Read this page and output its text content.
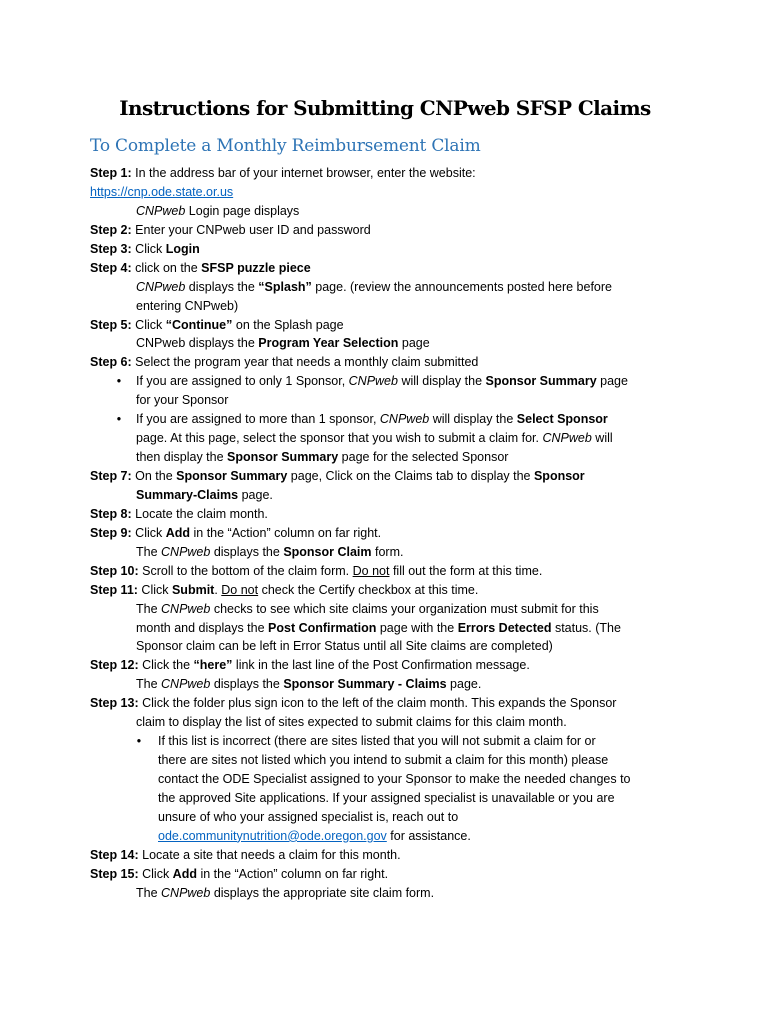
Instructions for Submitting CNPweb SFSP Claims
To Complete a Monthly Reimbursement Claim
Step 1: In the address bar of your internet browser, enter the website:
https://cnp.ode.state.or.us
CNPweb Login page displays
Step 2: Enter your CNPweb user ID and password
Step 3: Click Login
Step 4: click on the SFSP puzzle piece
CNPweb displays the “Splash” page. (review the announcements posted here before
entering CNPweb)
Step 5: Click “Continue” on the Splash page
CNPweb displays the Program Year Selection page
Step 6: Select the program year that needs a monthly claim submitted
•	If you are assigned to only 1 Sponsor, CNPweb will display the Sponsor Summary page
for your Sponsor
•	If you are assigned to more than 1 sponsor, CNPweb will display the Select Sponsor
page. At this page, select the sponsor that you wish to submit a claim for. CNPweb will
then display the Sponsor Summary page for the selected Sponsor
Step 7: On the Sponsor Summary page, Click on the Claims tab to display the Sponsor
Summary-Claims page.
Step 8: Locate the claim month.
Step 9: Click Add in the “Action” column on far right.
The CNPweb displays the Sponsor Claim form.
Step 10: Scroll to the bottom of the claim form. Do not fill out the form at this time.
Step 11: Click Submit. Do not check the Certify checkbox at this time.
The CNPweb checks to see which site claims your organization must submit for this
month and displays the Post Confirmation page with the Errors Detected status. (The
Sponsor claim can be left in Error Status until all Site claims are completed)
Step 12: Click the “here” link in the last line of the Post Confirmation message.
The CNPweb displays the Sponsor Summary - Claims page.
Step 13: Click the folder plus sign icon to the left of the claim month. This expands the Sponsor
claim to display the list of sites expected to submit claims for this claim month.
•	If this list is incorrect (there are sites listed that you will not submit a claim for or
there are sites not listed which you intend to submit a claim for this month) please
contact the ODE Specialist assigned to your Sponsor to make the needed changes to
the approved Site applications. If your assigned specialist is unavailable or you are
unsure of who your assigned specialist is, reach out to
ode.communitynutrition@ode.oregon.gov for assistance.
Step 14: Locate a site that needs a claim for this month.
Step 15: Click Add in the “Action” column on far right.
The CNPweb displays the appropriate site claim form.
